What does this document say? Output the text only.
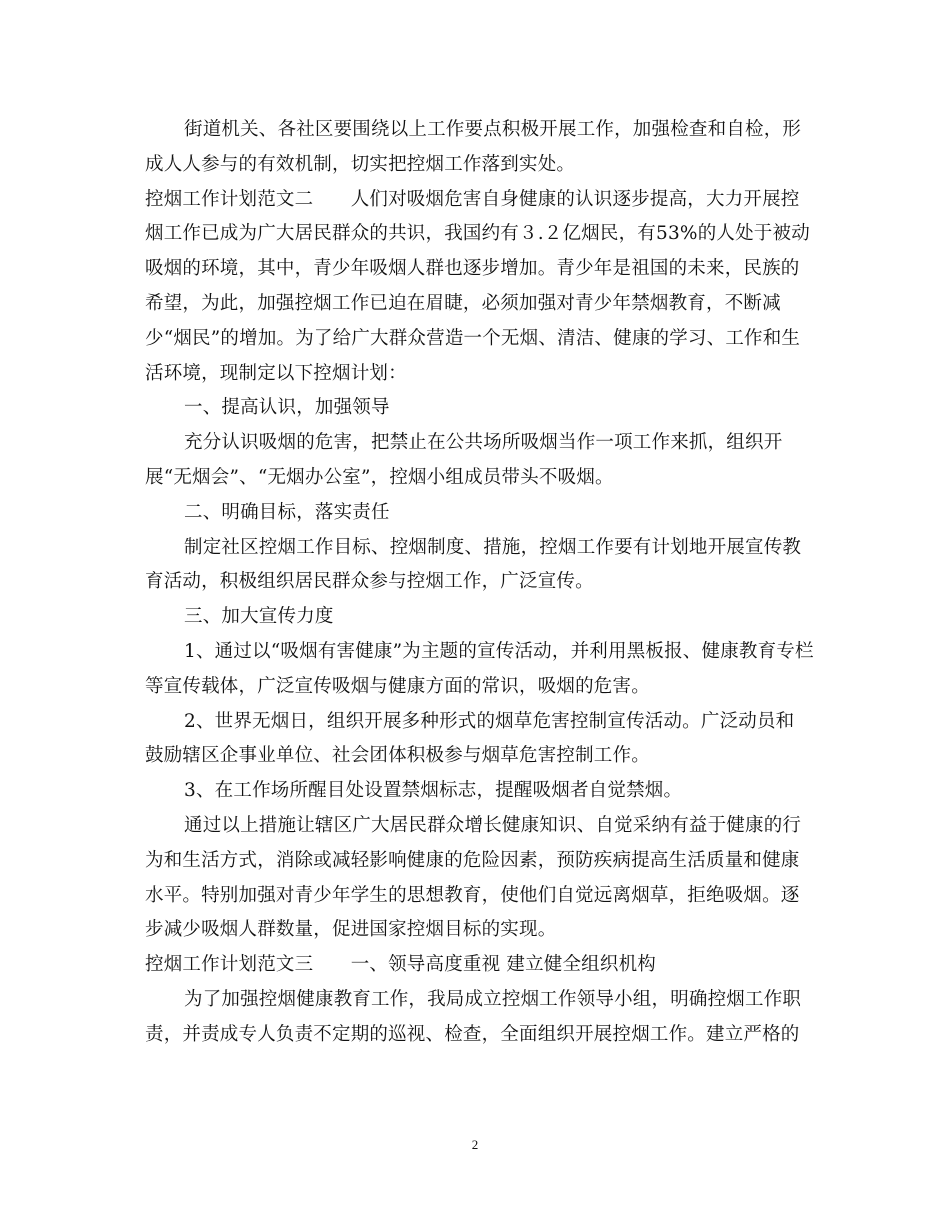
街道机关、各社区要围绕以上工作要点积极开展工作，加强检查和自检，形
成人人参与的有效机制，切实把控烟工作落到实处。
控烟工作计划范文二　　人们对吸烟危害自身健康的认识逐步提高，大力开展控
烟工作已成为广大居民群众的共识，我国约有３.２亿烟民，有53%的人处于被动
吸烟的环境，其中，青少年吸烟人群也逐步增加。青少年是祖国的未来，民族的
希望，为此，加强控烟工作已迫在眉睫，必须加强对青少年禁烟教育，不断减
少“烟民”的增加。为了给广大群众营造一个无烟、清洁、健康的学习、工作和生
活环境，现制定以下控烟计划：
一、提高认识，加强领导
充分认识吸烟的危害，把禁止在公共场所吸烟当作一项工作来抓，组织开
展“无烟会”、“无烟办公室”，控烟小组成员带头不吸烟。
二、明确目标，落实责任
制定社区控烟工作目标、控烟制度、措施，控烟工作要有计划地开展宣传教
育活动，积极组织居民群众参与控烟工作，广泛宣传。
三、加大宣传力度
1、通过以“吸烟有害健康”为主题的宣传活动，并利用黑板报、健康教育专栏
等宣传载体，广泛宣传吸烟与健康方面的常识，吸烟的危害。
2、世界无烟日，组织开展多种形式的烟草危害控制宣传活动。广泛动员和
鼓励辖区企事业单位、社会团体积极参与烟草危害控制工作。
3、在工作场所醒目处设置禁烟标志，提醒吸烟者自觉禁烟。
通过以上措施让辖区广大居民群众增长健康知识、自觉采纳有益于健康的行
为和生活方式，消除或减轻影响健康的危险因素，预防疾病提高生活质量和健康
水平。特别加强对青少年学生的思想教育，使他们自觉远离烟草，拒绝吸烟。逐
步减少吸烟人群数量，促进国家控烟目标的实现。
控烟工作计划范文三　　一、领导高度重视 建立健全组织机构
为了加强控烟健康教育工作，我局成立控烟工作领导小组，明确控烟工作职
责，并责成专人负责不定期的巡视、检查，全面组织开展控烟工作。建立严格的
2
